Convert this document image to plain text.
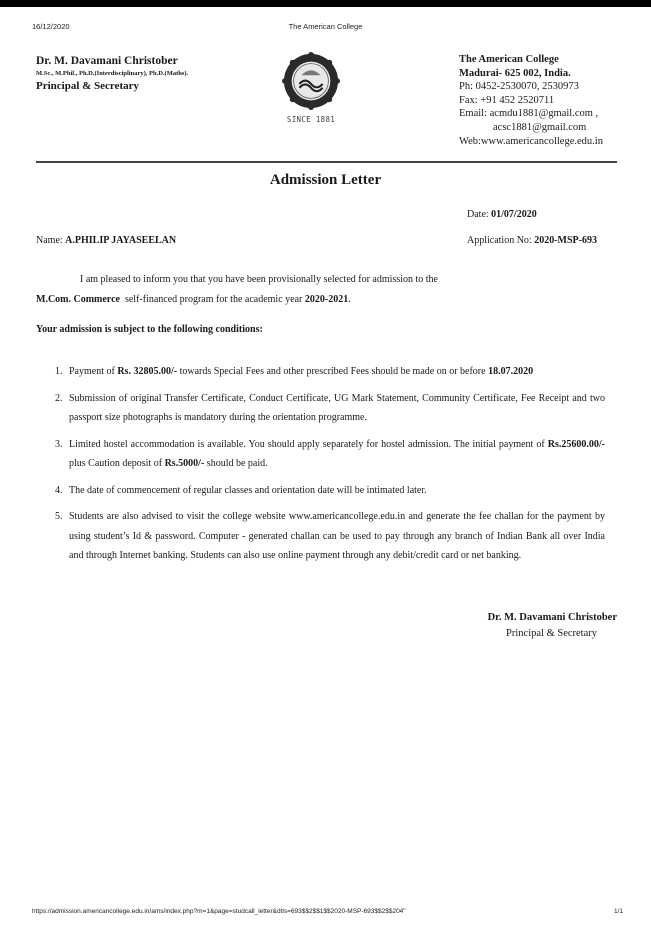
16/12/2020	The American College
Dr. M. Davamani Christober
M.Sc., M.Phil., Ph.D.(Interdisciplinary), Ph.D.(Maths).
Principal & Secretary
SINCE 1881
The American College
Madurai- 625 002, India.
Ph: 0452-2530070, 2530973
Fax: +91 452 2520711
Email: acmdu1881@gmail.com ,
acsc1881@gmail.com
Web:www.americancollege.edu.in
Admission Letter
Date: 01/07/2020
Name: A.PHILIP JAYASEELAN	Application No: 2020-MSP-693
I am pleased to inform you that you have been provisionally selected for admission to the
M.Com. Commerce  self-financed program for the academic year 2020-2021.
Your admission is subject to the following conditions:
1. Payment of Rs. 32805.00/- towards Special Fees and other prescribed Fees should be made on or before 18.07.2020
2. Submission of original Transfer Certificate, Conduct Certificate, UG Mark Statement, Community Certificate, Fee Receipt and two passport size photographs is mandatory during the orientation programme.
3. Limited hostel accommodation is available. You should apply separately for hostel admission. The initial payment of Rs.25600.00/- plus Caution deposit of Rs.5000/- should be paid.
4. The date of commencement of regular classes and orientation date will be intimated later.
5. Students are also advised to visit the college website www.americancollege.edu.in and generate the fee challan for the payment by using student’s Id & password. Computer - generated challan can be used to pay through any branch of Indian Bank all over India and through Internet banking. Students can also use online payment through any debit/credit card or net banking.
Dr. M. Davamani Christober
Principal & Secretary
https://admission.americancollege.edu.in/ams/index.php?m=1&page=studcall_letter&dtls=693$$2$$1$$2020-MSP-693$$2$$204"	1/1
